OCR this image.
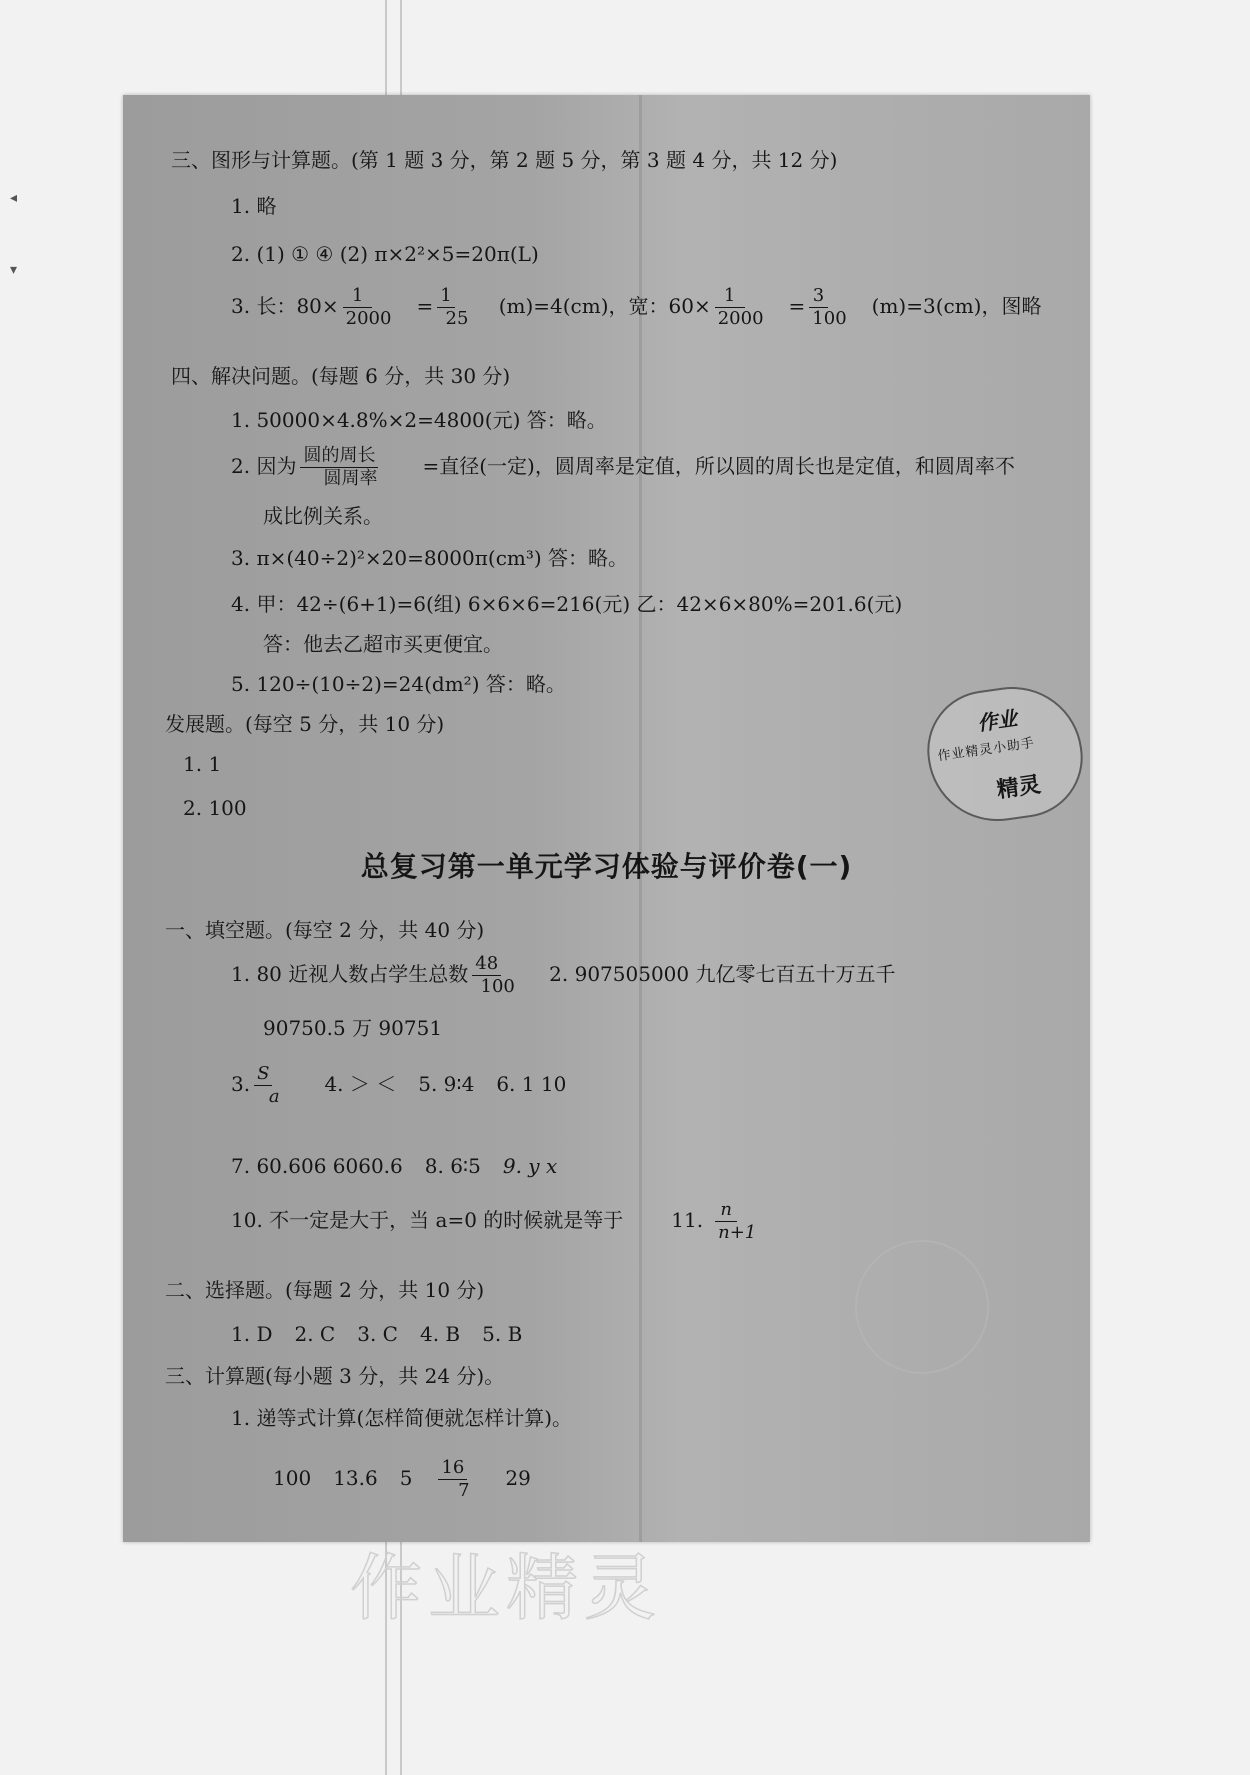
◂
▾
三、图形与计算题。(第 1 题 3 分，第 2 题 5 分，第 3 题 4 分，共 12 分)
1. 略
2. (1) ① ④ (2) π×2²×5=20π(L)
3. 长：$80\times \frac{1}{2000} = \frac{1}{25} (m)=4(cm)$，宽：$60\times \frac{1}{2000} = \frac{3}{100} (m)=3(cm)$，图略
四、解决问题。(每题 6 分，共 30 分)
1. 50000×4.8%×2=4800(元) 答：略。
2. 因为 $\frac{\text{圆的周长}}{\text{圆周率}}$ =直径(一定)，圆周率是定值，所以圆的周长也是定值，和圆周率不
成比例关系。
3. π×(40÷2)²×20=8000π(cm³) 答：略。
4. 甲：42÷(6+1)=6(组) 6×6×6=216(元) 乙：42×6×80%=201.6(元)
答：他去乙超市买更便宜。
5. 120÷(10÷2)=24(dm²) 答：略。
发展题。(每空 5 分，共 10 分)
1. 1
2. 100
总复习第一单元学习体验与评价卷(一)
一、填空题。(每空 2 分，共 40 分)
1. 80 近视人数占学生总数 $\frac{48}{100} 2$. 907505000 九亿零七百五十万五千
90750.5 万 90751
3. $\frac{S}{a} 4$. ＞ ＜ 5. 9∶4 6. 1 10
7. 60.606 6060.6 8. 6∶5 9. y x
10. 不一定是大于，当 a=0 的时候就是等于 11. $\frac{n}{n+1}$
二、选择题。(每题 2 分，共 10 分)
1. D 2. C 3. C 4. B 5. B
三、计算题(每小题 3 分，共 24 分)。
1. 递等式计算(怎样简便就怎样计算)。
100 13.6 $5 \frac{16}{7} 29$
作业
作业精灵小助手
精灵
作业精灵
